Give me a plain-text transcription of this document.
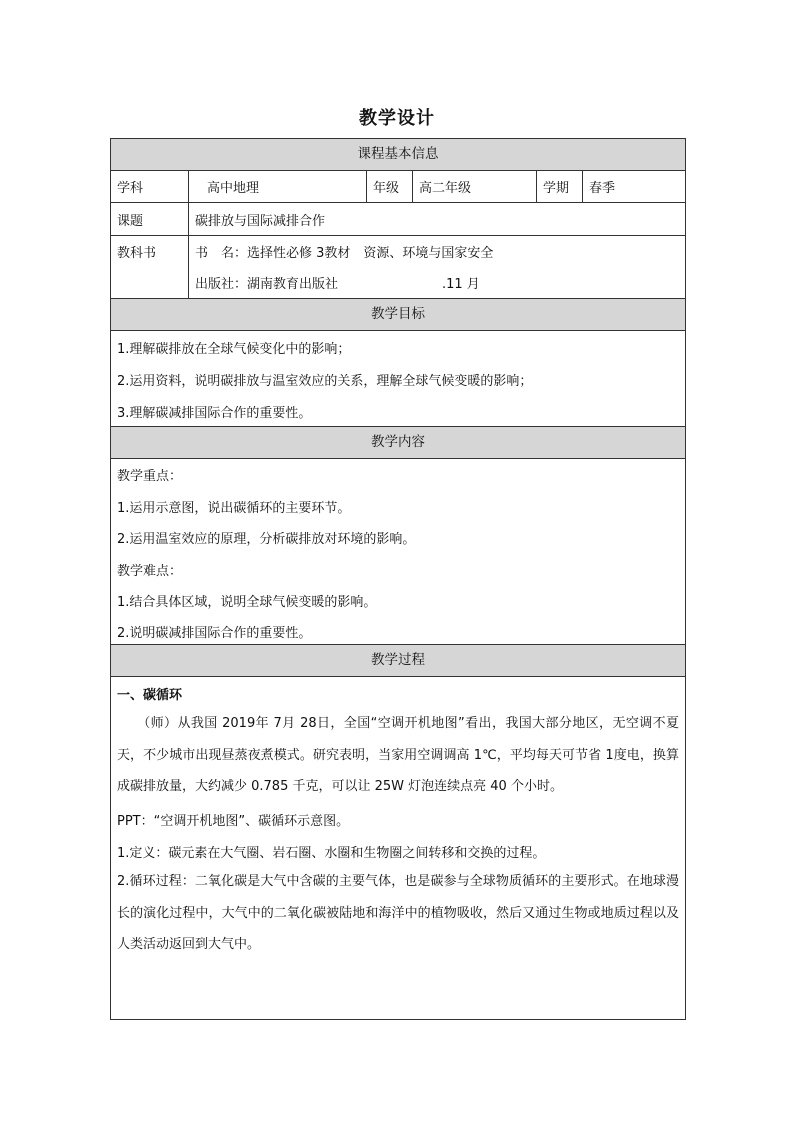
教学设计
课程基本信息
学科	高中地理	年级	高二年级	学期	春季
课题	碳排放与国际减排合作
教科书	书　名：选择性必修 3教材　资源、环境与国家安全
出版社：湖南教育出版社　　　　　　　　.11 月
教学目标
1.理解碳排放在全球气候变化中的影响；
2.运用资料，说明碳排放与温室效应的关系，理解全球气候变暖的影响；
3.理解碳减排国际合作的重要性。
教学内容
教学重点：
1.运用示意图，说出碳循环的主要环节。
2.运用温室效应的原理，分析碳排放对环境的影响。
教学难点：
1.结合具体区域，说明全球气候变暖的影响。
2.说明碳减排国际合作的重要性。
教学过程
一、碳循环
　　（师）从我国 2019年 7月 28日，全国“空调开机地图”看出，我国大部分地区，无空调不夏天，不少城市出现昼蒸夜煮模式。研究表明，当家用空调调高 1℃，平均每天可节省 1度电，换算成碳排放量，大约减少 0.785 千克，可以让 25W 灯泡连续点亮 40 个小时。
PPT：“空调开机地图”、碳循环示意图。
1.定义：碳元素在大气圈、岩石圈、水圈和生物圈之间转移和交换的过程。
2.循环过程：二氧化碳是大气中含碳的主要气体，也是碳参与全球物质循环的主要形式。在地球漫长的演化过程中，大气中的二氧化碳被陆地和海洋中的植物吸收，然后又通过生物或地质过程以及人类活动返回到大气中。
